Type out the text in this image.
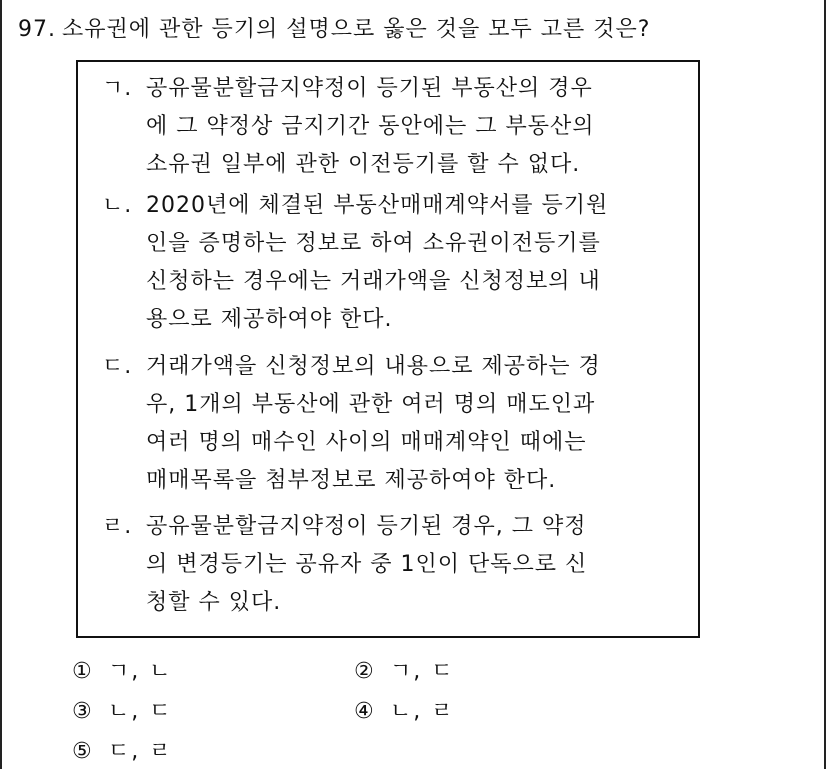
97. 소유권에 관한 등기의 설명으로 옳은 것을 모두 고른 것은?
ㄱ. 공유물분할금지약정이 등기된 부동산의 경우
에 그 약정상 금지기간 동안에는 그 부동산의
소유권 일부에 관한 이전등기를 할 수 없다.
ㄴ. 2020년에 체결된 부동산매매계약서를 등기원
인을 증명하는 정보로 하여 소유권이전등기를
신청하는 경우에는 거래가액을 신청정보의 내
용으로 제공하여야 한다.
ㄷ. 거래가액을 신청정보의 내용으로 제공하는 경
우, 1개의 부동산에 관한 여러 명의 매도인과
여러 명의 매수인 사이의 매매계약인 때에는
매매목록을 첨부정보로 제공하여야 한다.
ㄹ. 공유물분할금지약정이 등기된 경우, 그 약정
의 변경등기는 공유자 중 1인이 단독으로 신
청할 수 있다.
① ㄱ, ㄴ	② ㄱ, ㄷ
③ ㄴ, ㄷ	④ ㄴ, ㄹ
⑤ ㄷ, ㄹ
